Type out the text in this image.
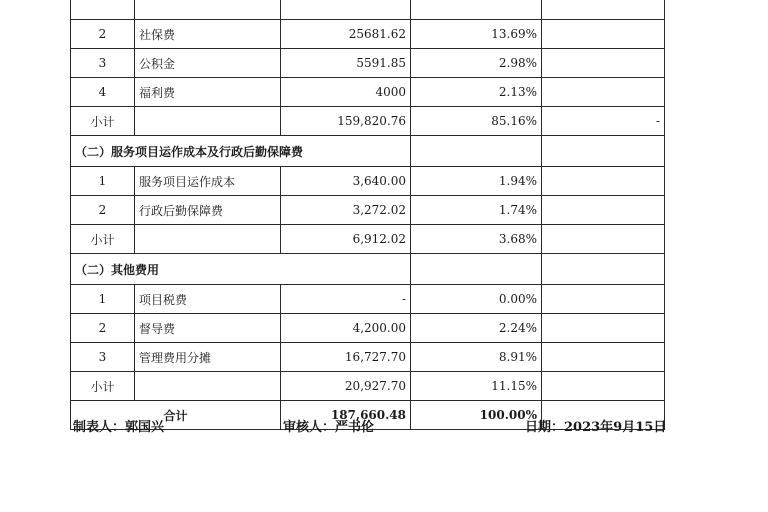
2	社保费	25681.62	13.69%	
3	公积金	5591.85	2.98%	
4	福利费	4000	2.13%	
小计		159,820.76	85.16%	-
（二）服务项目运作成本及行政后勤保障费				
1	服务项目运作成本	3,640.00	1.94%	
2	行政后勤保障费	3,272.02	1.74%	
小计		6,912.02	3.68%	
（二）其他费用				
1	项目税费	-	0.00%	
2	督导费	4,200.00	2.24%	
3	管理费用分摊	16,727.70	8.91%	
小计		20,927.70	11.15%	
合计		187,660.48	100.00%	
制表人：郭国兴	审核人：严书伦	日期：2023年9月15日
